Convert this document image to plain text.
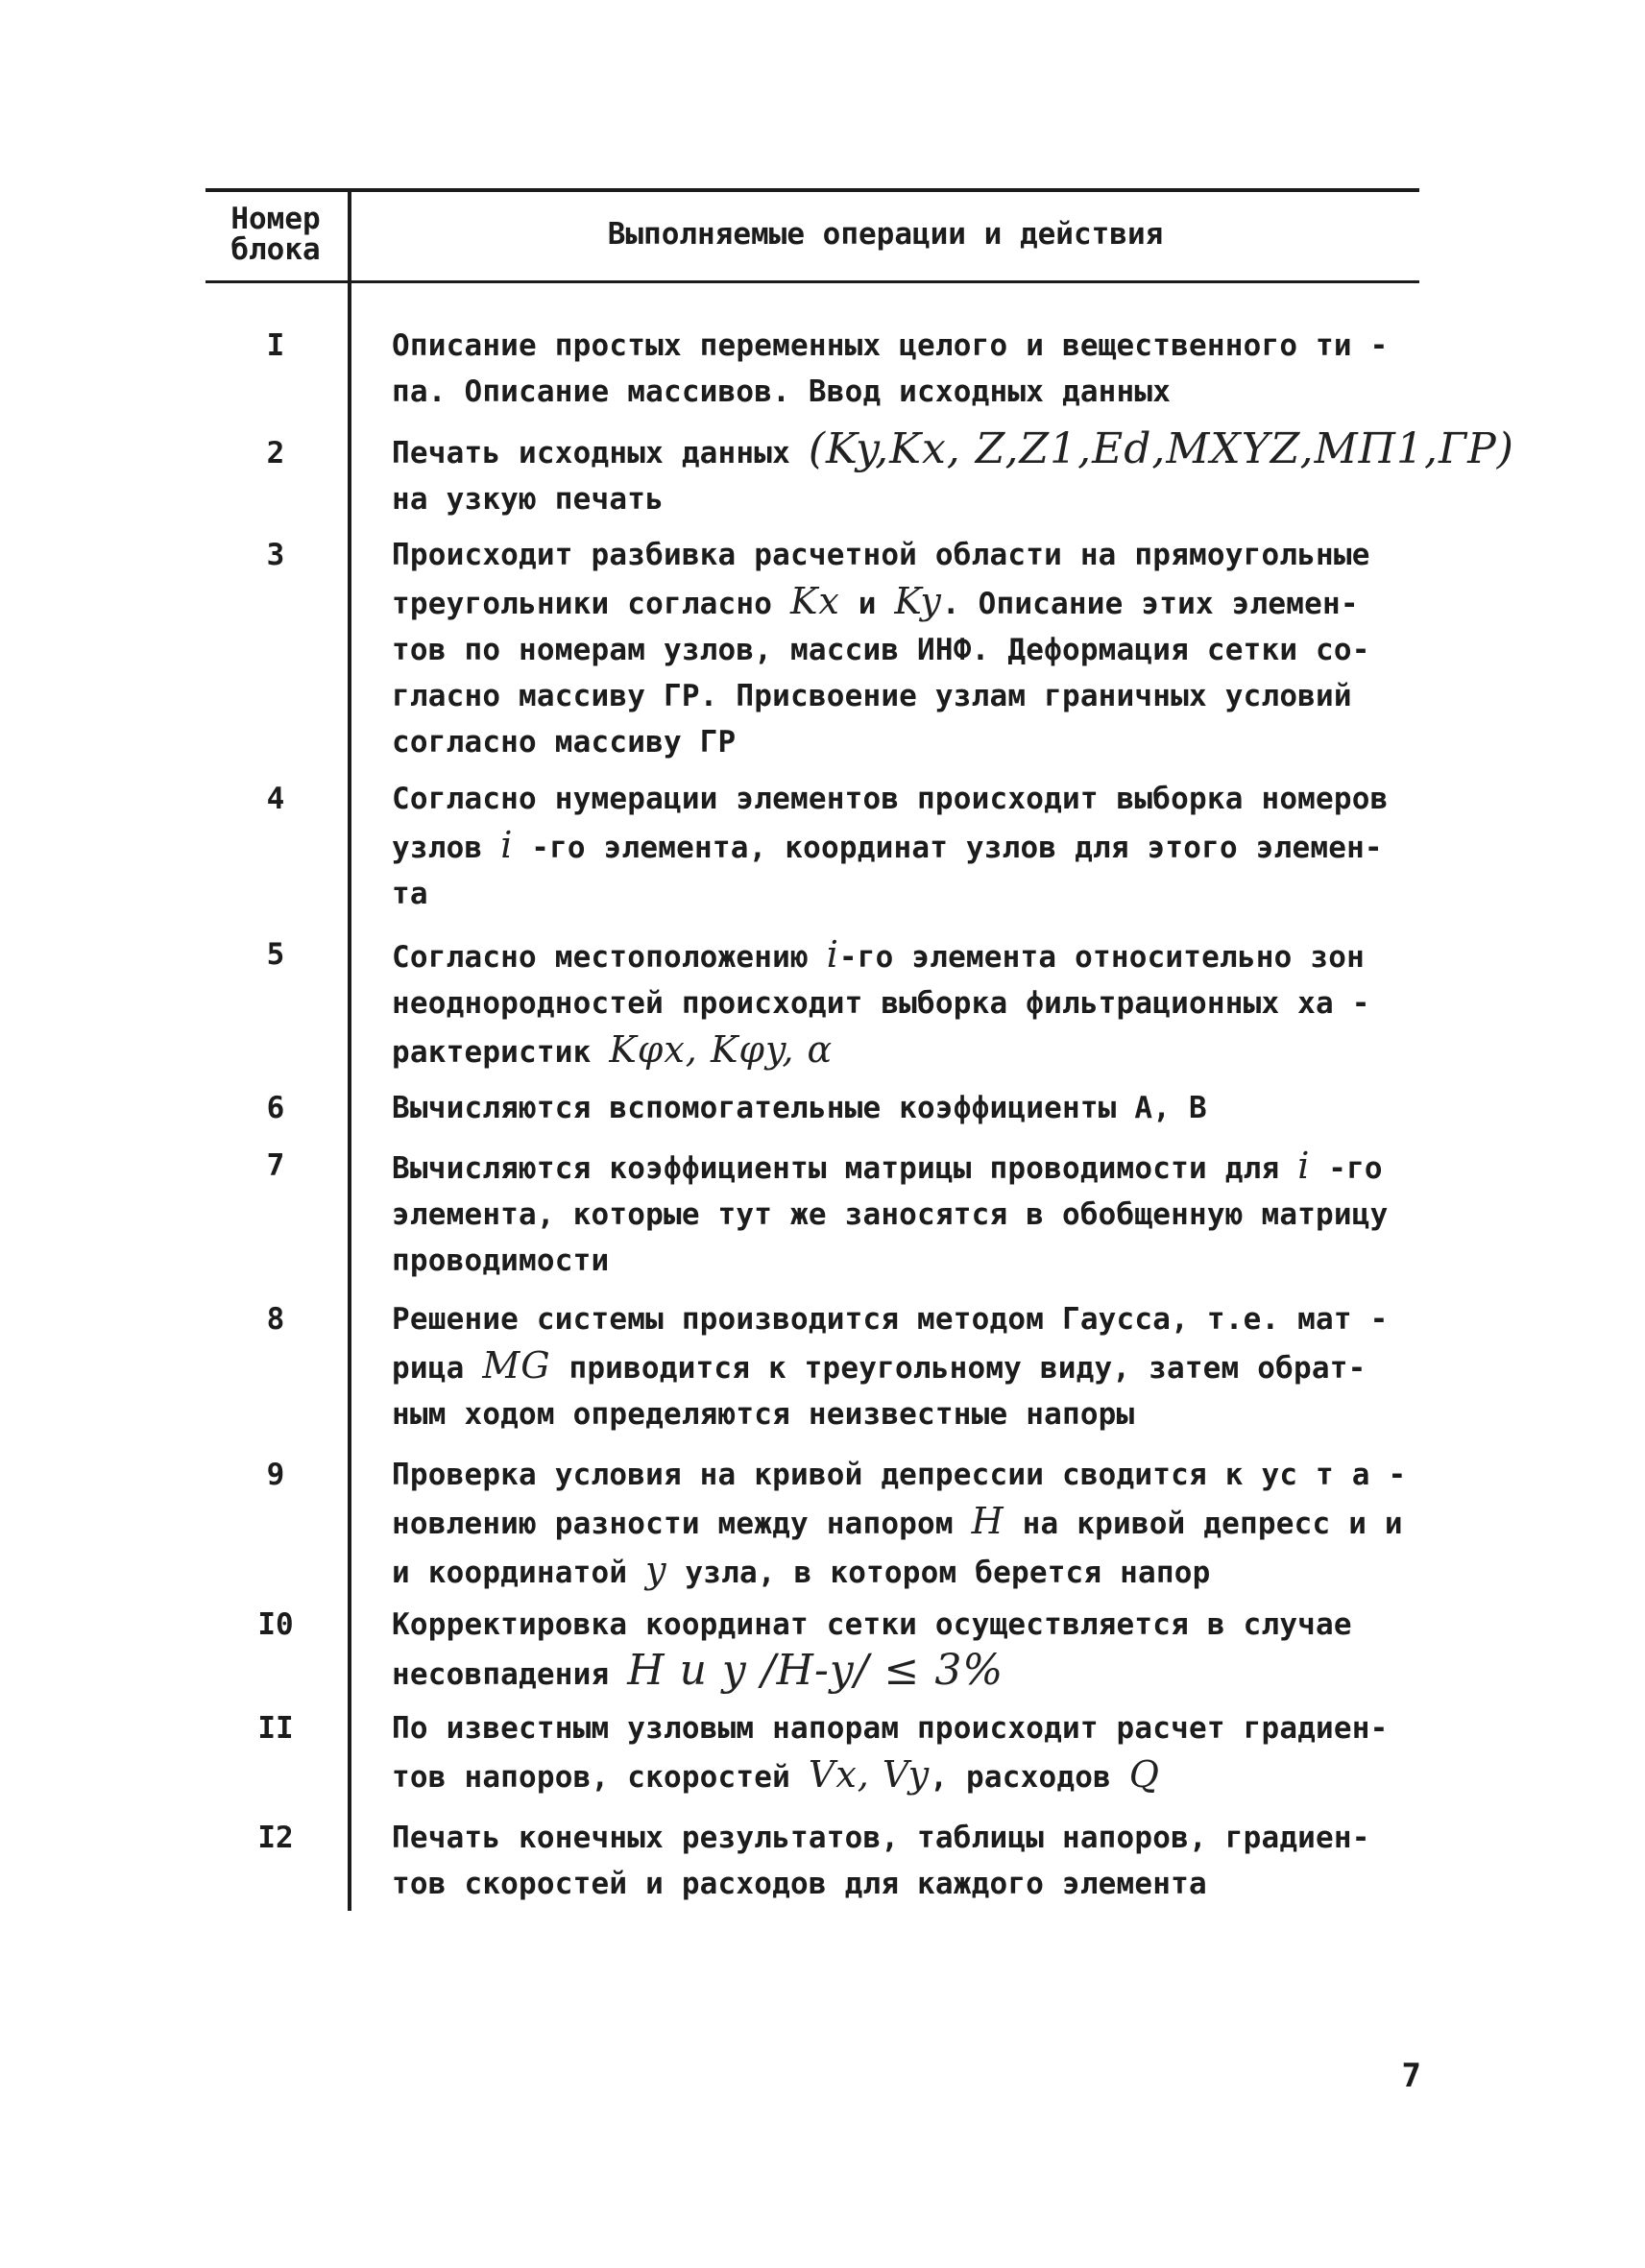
Номер
блока	Выполняемые операции и действия
I	Описание простых переменных целого и вещественного ти -
па. Описание массивов. Ввод исходных данных
2	Печать исходных данных (Ky,Kx, Z,Z1,Ed,MXYZ,MП1,ГР)
на узкую печать
3	Происходит разбивка расчетной области на прямоугольные
треугольники согласно Kx и Ky. Описание этих элемен-
тов по номерам узлов, массив ИНФ. Деформация сетки со-
гласно массиву ГР. Присвоение узлам граничных условий
согласно массиву ГР
4	Согласно нумерации элементов происходит выборка номеров
узлов i -го элемента, координат узлов для этого элемен-
та
5	Согласно местоположению i-го элемента относительно зон
неоднородностей происходит выборка фильтрационных ха -
рактеристик Kφx, Kφy, α
6	Вычисляются вспомогательные коэффициенты А, В
7	Вычисляются коэффициенты матрицы проводимости для i -го
элемента, которые тут же заносятся в обобщенную матрицу
проводимости
8	Решение системы производится методом Гаусса, т.е. мат -
рица MG приводится к треугольному виду, затем обрат-
ным ходом определяются неизвестные напоры
9	Проверка условия на кривой депрессии сводится к ус т а -
новлению разности между напором H на кривой депресс и и
и координатой y узла, в котором берется напор
I0	Корректировка координат сетки осуществляется в случае
несовпадения H и y /H-y/ ≤ 3%
II	По известным узловым напорам происходит расчет градиен-
тов напоров, скоростей Vx, Vy, расходов Q
I2	Печать конечных результатов, таблицы напоров, градиен-
тов скоростей и расходов для каждого элемента
7
